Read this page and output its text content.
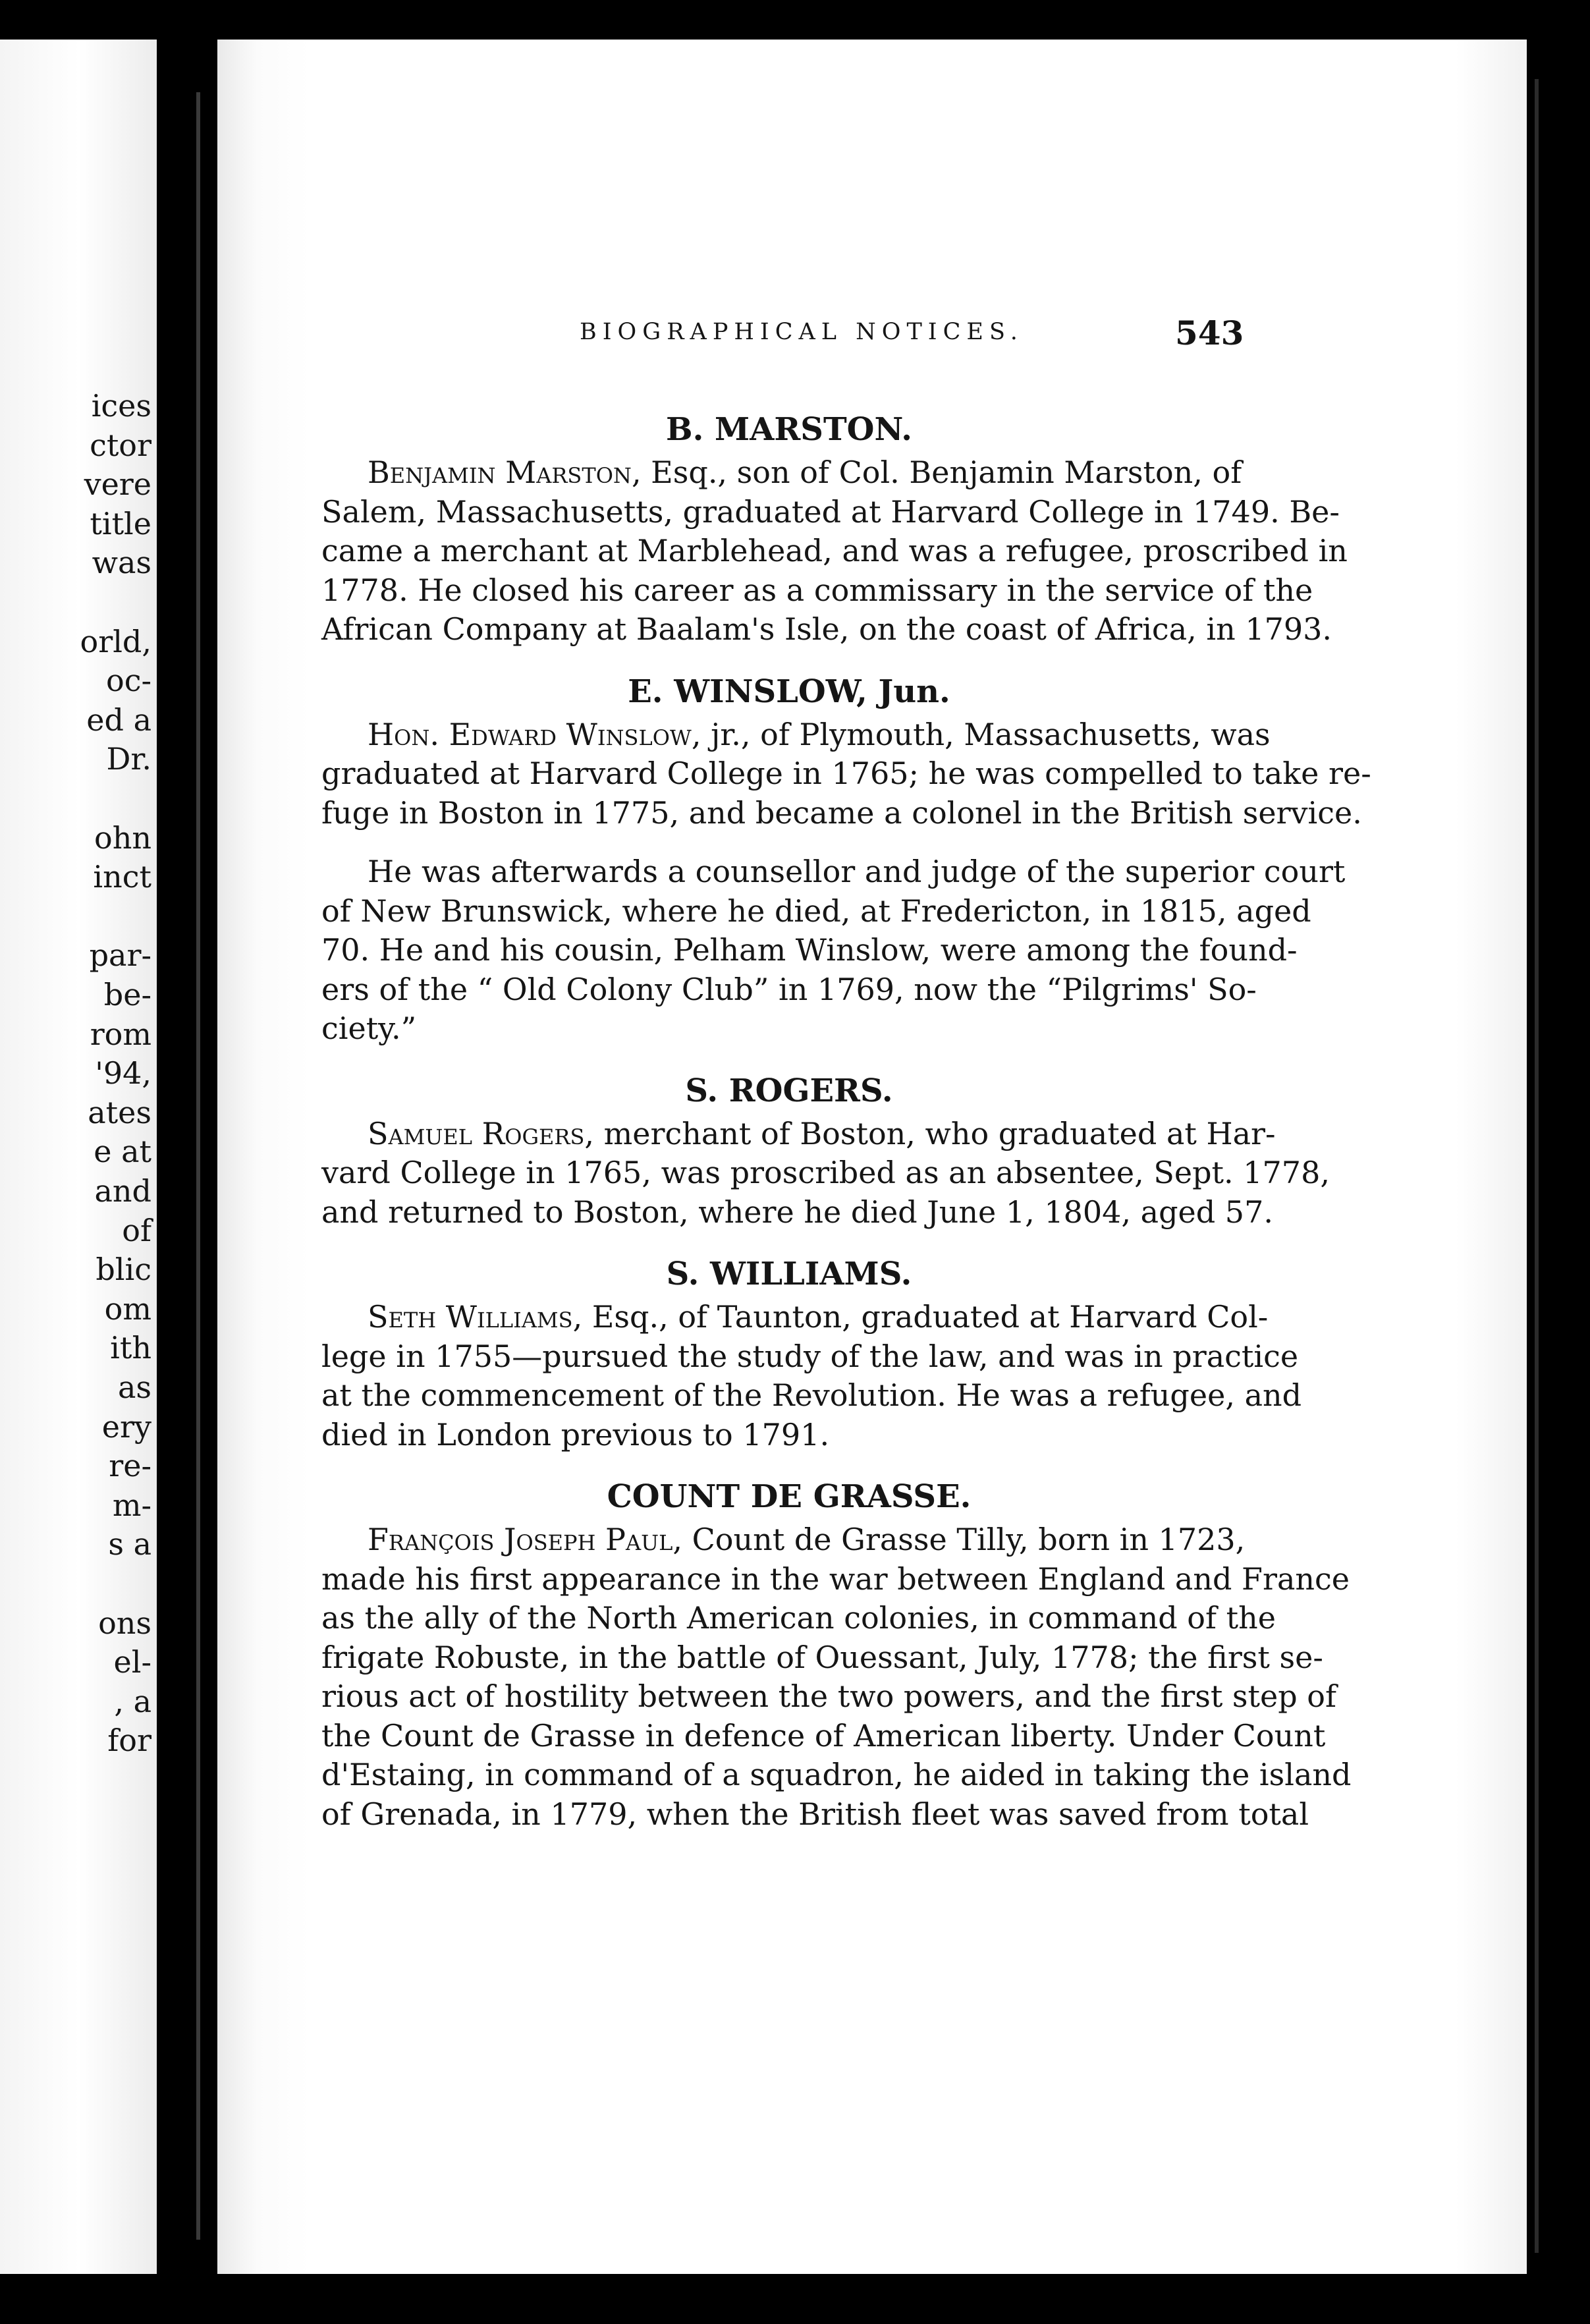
ices
ctor
vere
title
was
orld,
oc-
ed a
Dr.
ohn
inct
par-
be-
rom
'94,
ates
e at
and
of
blic
om
ith
as
ery
re-
m-
s a
ons
el-
, a
for
BIOGRAPHICAL NOTICES.	543
B. MARSTON.
Benjamin Marston, Esq., son of Col. Benjamin Marston, of
Salem, Massachusetts, graduated at Harvard College in 1749. Be-
came a merchant at Marblehead, and was a refugee, proscribed in
1778. He closed his career as a commissary in the service of the
African Company at Baalam's Isle, on the coast of Africa, in 1793.
E. WINSLOW, Jun.
Hon. Edward Winslow, jr., of Plymouth, Massachusetts, was
graduated at Harvard College in 1765; he was compelled to take re-
fuge in Boston in 1775, and became a colonel in the British service.
He was afterwards a counsellor and judge of the superior court
of New Brunswick, where he died, at Fredericton, in 1815, aged
70. He and his cousin, Pelham Winslow, were among the found-
ers of the “ Old Colony Club” in 1769, now the “Pilgrims' So-
ciety.”
S. ROGERS.
Samuel Rogers, merchant of Boston, who graduated at Har-
vard College in 1765, was proscribed as an absentee, Sept. 1778,
and returned to Boston, where he died June 1, 1804, aged 57.
S. WILLIAMS.
Seth Williams, Esq., of Taunton, graduated at Harvard Col-
lege in 1755—pursued the study of the law, and was in practice
at the commencement of the Revolution. He was a refugee, and
died in London previous to 1791.
COUNT DE GRASSE.
François Joseph Paul, Count de Grasse Tilly, born in 1723,
made his first appearance in the war between England and France
as the ally of the North American colonies, in command of the
frigate Robuste, in the battle of Ouessant, July, 1778; the first se-
rious act of hostility between the two powers, and the first step of
the Count de Grasse in defence of American liberty. Under Count
d'Estaing, in command of a squadron, he aided in taking the island
of Grenada, in 1779, when the British fleet was saved from total
